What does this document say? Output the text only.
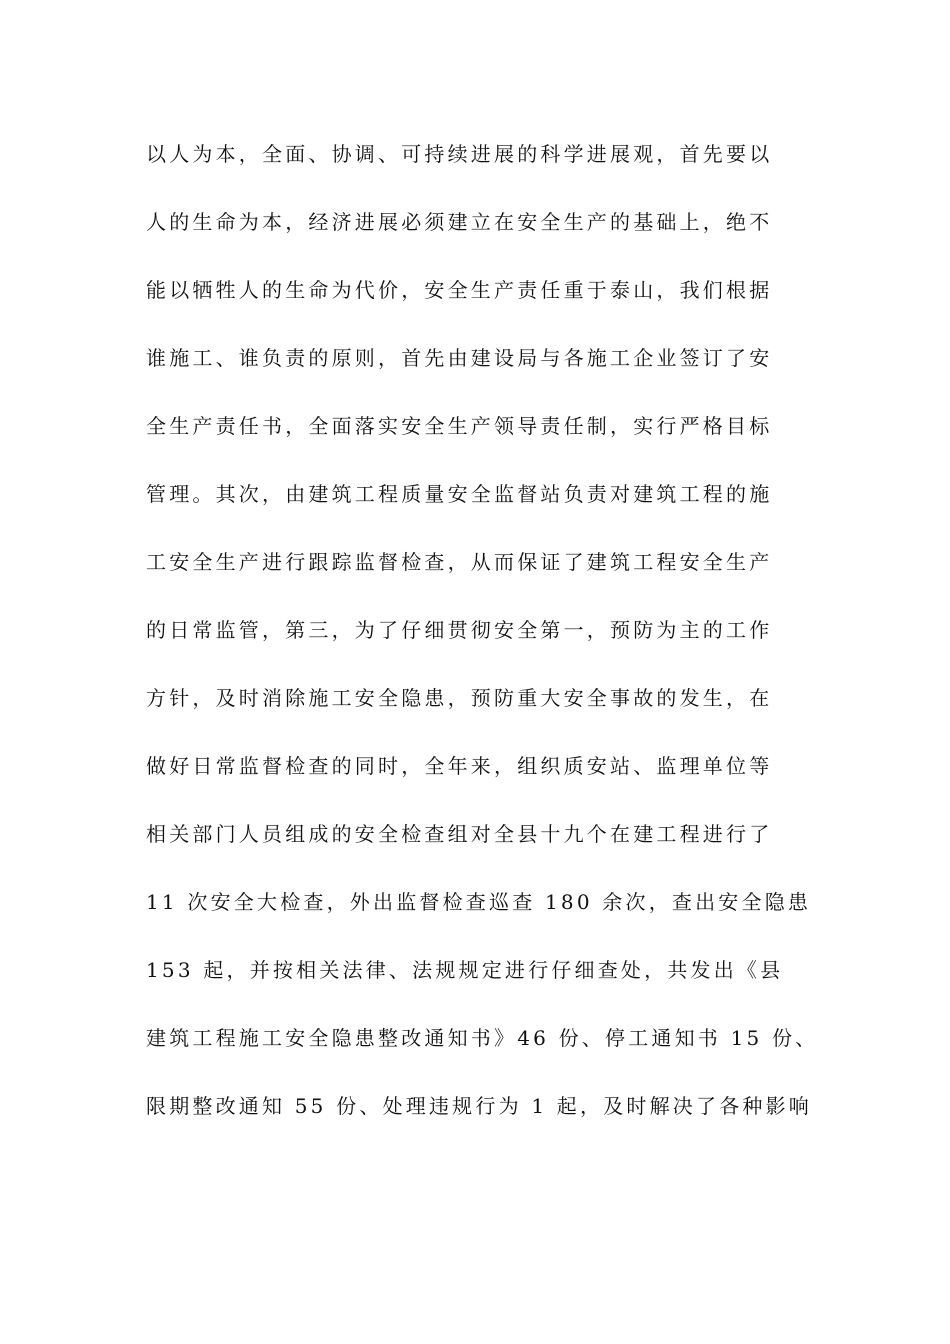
以人为本，全面、协调、可持续进展的科学进展观，首先要以
人的生命为本，经济进展必须建立在安全生产的基础上，绝不
能以牺牲人的生命为代价，安全生产责任重于泰山，我们根据
谁施工、谁负责的原则，首先由建设局与各施工企业签订了安
全生产责任书，全面落实安全生产领导责任制，实行严格目标
管理。其次，由建筑工程质量安全监督站负责对建筑工程的施
工安全生产进行跟踪监督检查，从而保证了建筑工程安全生产
的日常监管，第三，为了仔细贯彻安全第一，预防为主的工作
方针，及时消除施工安全隐患，预防重大安全事故的发生，在
做好日常监督检查的同时，全年来，组织质安站、监理单位等
相关部门人员组成的安全检查组对全县十九个在建工程进行了
11 次安全大检查，外出监督检查巡查 180 余次，查出安全隐患
153 起，并按相关法律、法规规定进行仔细查处，共发出《县
建筑工程施工安全隐患整改通知书》46 份、停工通知书 15 份、
限期整改通知 55 份、处理违规行为 1 起，及时解决了各种影响
